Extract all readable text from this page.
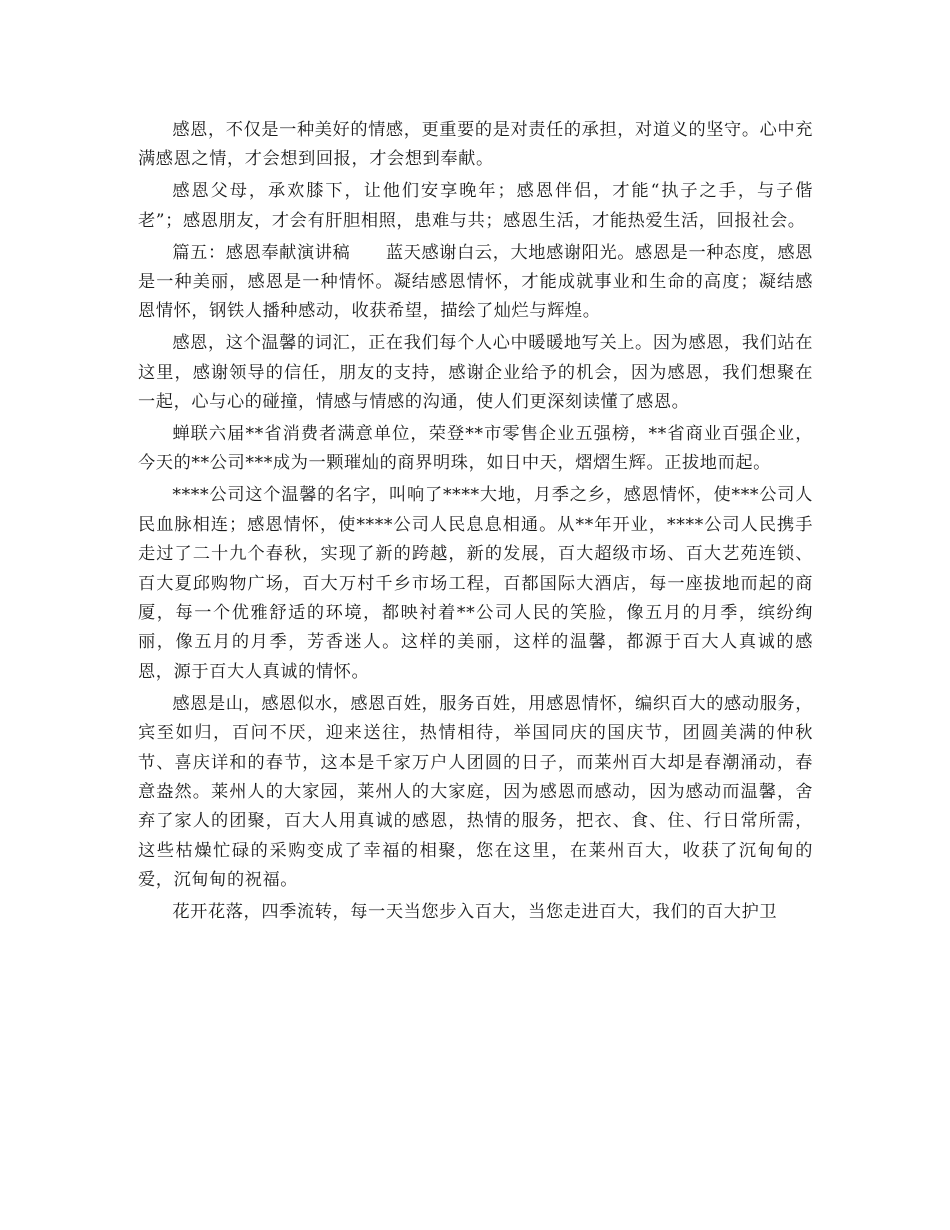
感恩，不仅是一种美好的情感，更重要的是对责任的承担，对道义的坚守。心中充满感恩之情，才会想到回报，才会想到奉献。

感恩父母，承欢膝下，让他们安享晚年；感恩伴侣，才能“执子之手，与子偕老”；感恩朋友，才会有肝胆相照，患难与共；感恩生活，才能热爱生活，回报社会。

篇五：感恩奉献演讲稿　　蓝天感谢白云，大地感谢阳光。感恩是一种态度，感恩是一种美丽，感恩是一种情怀。凝结感恩情怀，才能成就事业和生命的高度；凝结感恩情怀，钢铁人播种感动，收获希望，描绘了灿烂与辉煌。

感恩，这个温馨的词汇，正在我们每个人心中暖暖地写关上。因为感恩，我们站在这里，感谢领导的信任，朋友的支持，感谢企业给予的机会，因为感恩，我们想聚在一起，心与心的碰撞，情感与情感的沟通，使人们更深刻读懂了感恩。

蝉联六届**省消费者满意单位，荣登**市零售企业五强榜，**省商业百强企业，今天的**公司***成为一颗璀灿的商界明珠，如日中天，熠熠生辉。正拔地而起。

****公司这个温馨的名字，叫响了****大地，月季之乡，感恩情怀，使***公司人民血脉相连；感恩情怀，使****公司人民息息相通。从**年开业，****公司人民携手走过了二十九个春秋，实现了新的跨越，新的发展，百大超级市场、百大艺苑连锁、百大夏邱购物广场，百大万村千乡市场工程，百都国际大酒店，每一座拔地而起的商厦，每一个优雅舒适的环境，都映衬着**公司人民的笑脸，像五月的月季，缤纷绚丽，像五月的月季，芳香迷人。这样的美丽，这样的温馨，都源于百大人真诚的感恩，源于百大人真诚的情怀。

感恩是山，感恩似水，感恩百姓，服务百姓，用感恩情怀，编织百大的感动服务，宾至如归，百问不厌，迎来送往，热情相待，举国同庆的国庆节，团圆美满的仲秋节、喜庆详和的春节，这本是千家万户人团圆的日子，而莱州百大却是春潮涌动，春意盎然。莱州人的大家园，莱州人的大家庭，因为感恩而感动，因为感动而温馨，舍弃了家人的团聚，百大人用真诚的感恩，热情的服务，把衣、食、住、行日常所需，这些枯燥忙碌的采购变成了幸福的相聚，您在这里，在莱州百大，收获了沉甸甸的爱，沉甸甸的祝福。

花开花落，四季流转，每一天当您步入百大，当您走进百大，我们的百大护卫
